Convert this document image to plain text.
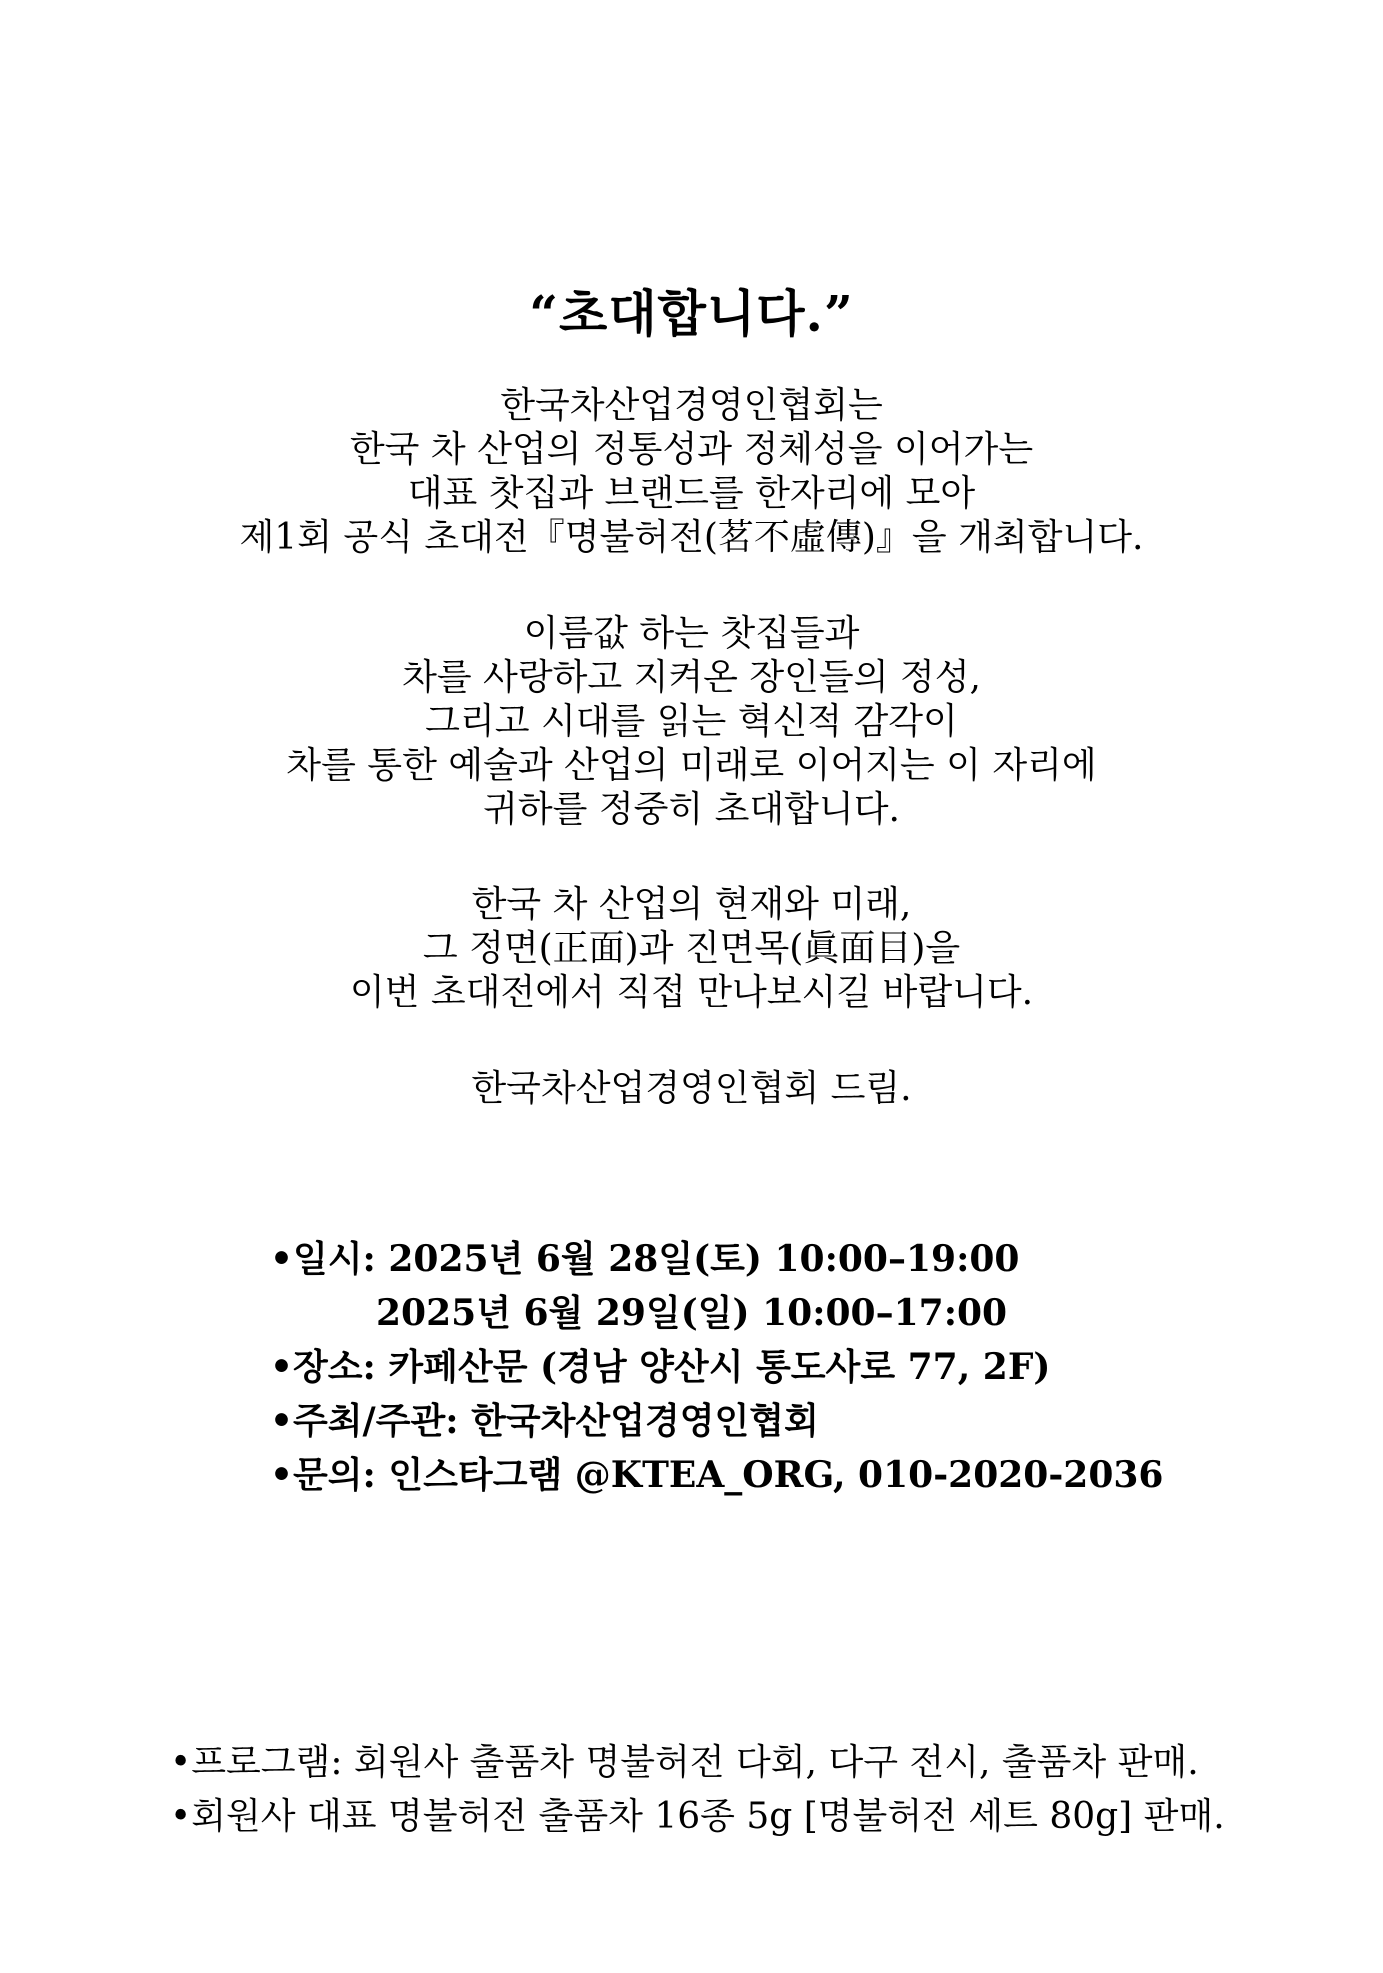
“초대합니다.”
한국차산업경영인협회는
한국 차 산업의 정통성과 정체성을 이어가는
대표 찻집과 브랜드를 한자리에 모아
제1회 공식 초대전『명불허전(茗不虛傳)』을 개최합니다.
이름값 하는 찻집들과
차를 사랑하고 지켜온 장인들의 정성,
그리고 시대를 읽는 혁신적 감각이
차를 통한 예술과 산업의 미래로 이어지는 이 자리에
귀하를 정중히 초대합니다.
한국 차 산업의 현재와 미래,
그 정면(正面)과 진면목(眞面目)을
이번 초대전에서 직접 만나보시길 바랍니다.
한국차산업경영인협회 드림.
•일시: 2025년 6월 28일(토) 10:00–19:00
2025년 6월 29일(일) 10:00–17:00
•장소: 카페산문 (경남 양산시 통도사로 77, 2F)
•주최/주관: 한국차산업경영인협회
•문의: 인스타그램 @KTEA_ORG, 010-2020-2036
•프로그램: 회원사 출품차 명불허전 다회, 다구 전시, 출품차 판매.
•회원사 대표 명불허전 출품차 16종 5g [명불허전 세트 80g] 판매.
